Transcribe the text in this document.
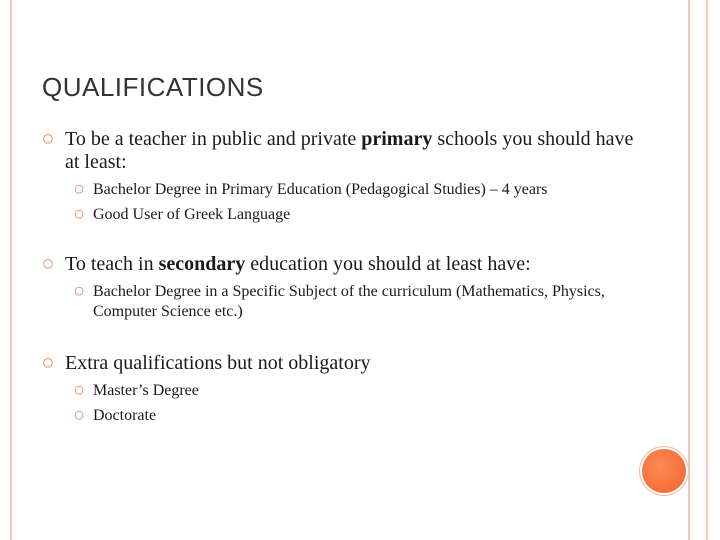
QUALIFICATIONS

○ To be a teacher in public and private primary schools you should have at least:

○ Bachelor Degree in Primary Education (Pedagogical Studies) – 4 years

○ Good User of Greek Language

○ To teach in secondary education you should at least have:

○ Bachelor Degree in a Specific Subject of the curriculum (Mathematics, Physics, Computer Science etc.)

○ Extra qualifications but not obligatory

○ Master’s Degree

○ Doctorate
